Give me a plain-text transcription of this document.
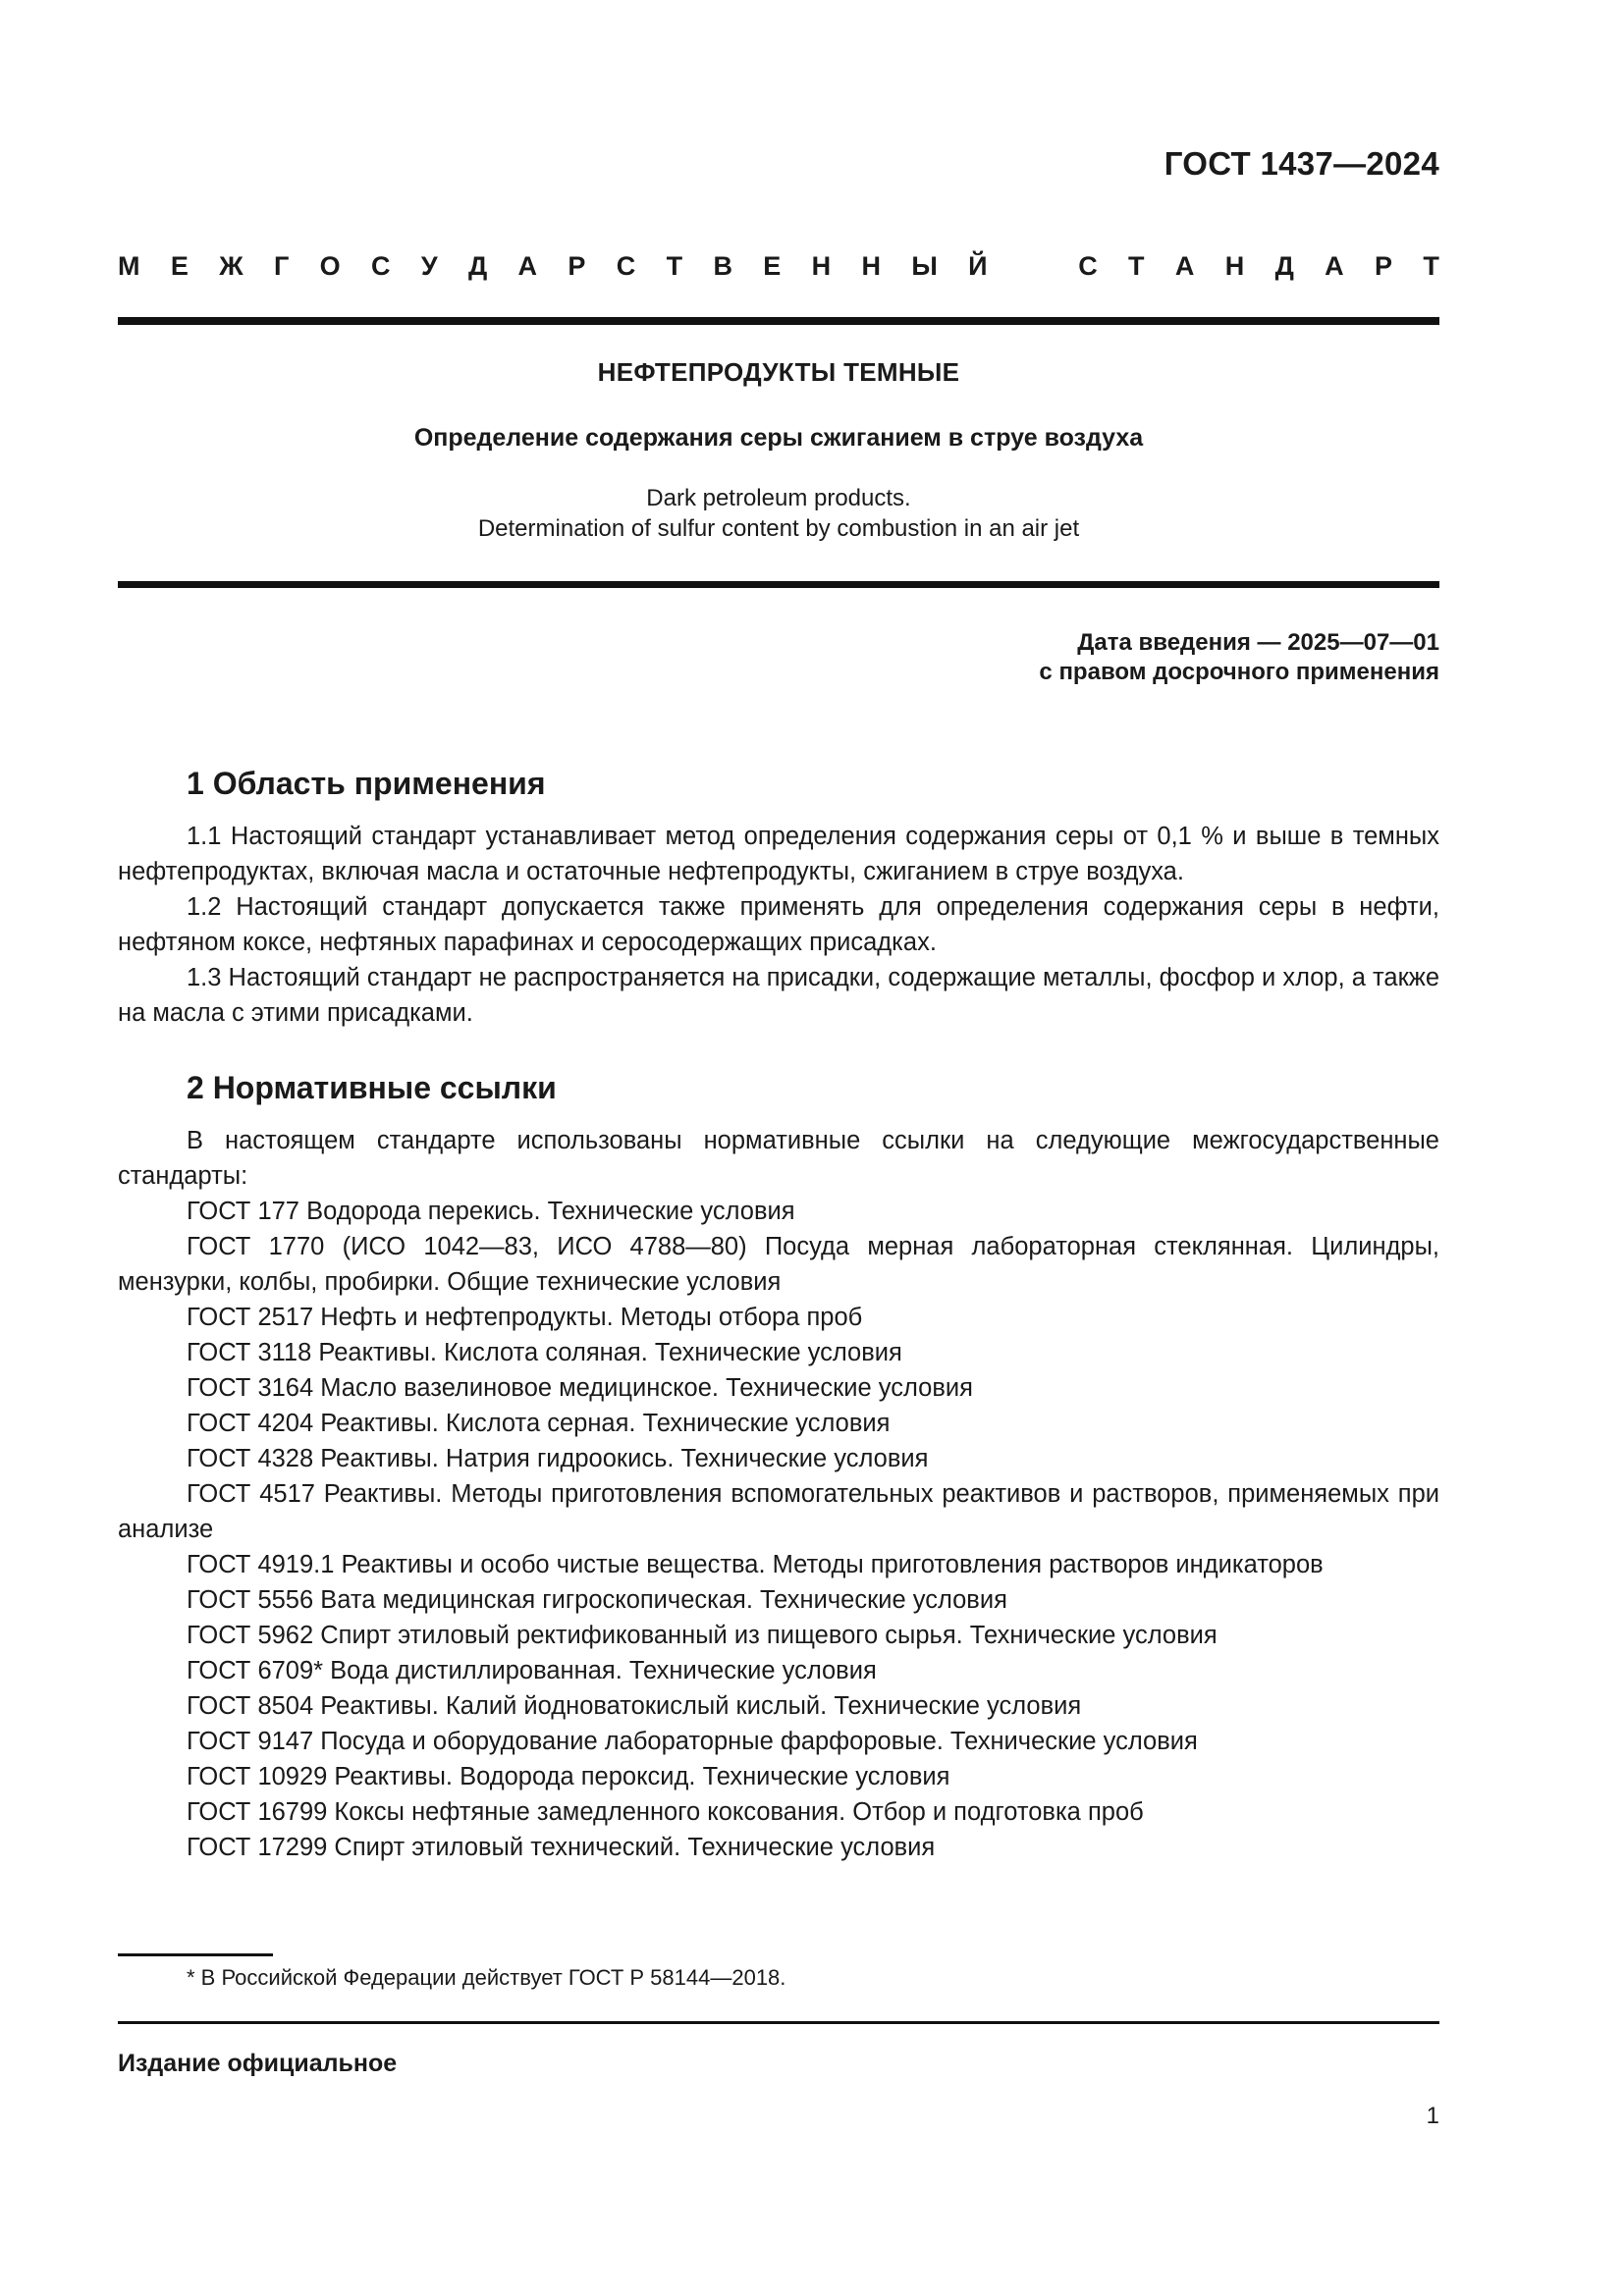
ГОСТ 1437—2024
М Е Ж Г О С У Д А Р С Т В Е Н Н Ы Й	С Т А Н Д А Р Т
НЕФТЕПРОДУКТЫ ТЕМНЫЕ
Определение содержания серы сжиганием в струе воздуха
Dark petroleum products.
Determination of sulfur content by combustion in an air jet
Дата введения — 2025—07—01
с правом досрочного применения
1 Область применения

1.1 Настоящий стандарт устанавливает метод определения содержания серы от 0,1 % и выше в темных нефтепродуктах, включая масла и остаточные нефтепродукты, сжиганием в струе воздуха.

1.2 Настоящий стандарт допускается также применять для определения содержания серы в нефти, нефтяном коксе, нефтяных парафинах и серосодержащих присадках.

1.3 Настоящий стандарт не распространяется на присадки, содержащие металлы, фосфор и хлор, а также на масла с этими присадками.

2 Нормативные ссылки

В настоящем стандарте использованы нормативные ссылки на следующие межгосударственные стандарты:

ГОСТ 177 Водорода перекись. Технические условия

ГОСТ 1770 (ИСО 1042—83, ИСО 4788—80) Посуда мерная лабораторная стеклянная. Цилиндры, мензурки, колбы, пробирки. Общие технические условия

ГОСТ 2517 Нефть и нефтепродукты. Методы отбора проб

ГОСТ 3118 Реактивы. Кислота соляная. Технические условия

ГОСТ 3164 Масло вазелиновое медицинское. Технические условия

ГОСТ 4204 Реактивы. Кислота серная. Технические условия

ГОСТ 4328 Реактивы. Натрия гидроокись. Технические условия

ГОСТ 4517 Реактивы. Методы приготовления вспомогательных реактивов и растворов, применяемых при анализе

ГОСТ 4919.1 Реактивы и особо чистые вещества. Методы приготовления растворов индикаторов

ГОСТ 5556 Вата медицинская гигроскопическая. Технические условия

ГОСТ 5962 Спирт этиловый ректификованный из пищевого сырья. Технические условия

ГОСТ 6709* Вода дистиллированная. Технические условия

ГОСТ 8504 Реактивы. Калий йодноватокислый кислый. Технические условия

ГОСТ 9147 Посуда и оборудование лабораторные фарфоровые. Технические условия

ГОСТ 10929 Реактивы. Водорода пероксид. Технические условия

ГОСТ 16799 Коксы нефтяные замедленного коксования. Отбор и подготовка проб

ГОСТ 17299 Спирт этиловый технический. Технические условия

* В Российской Федерации действует ГОСТ Р 58144—2018.
Издание официальное
1
